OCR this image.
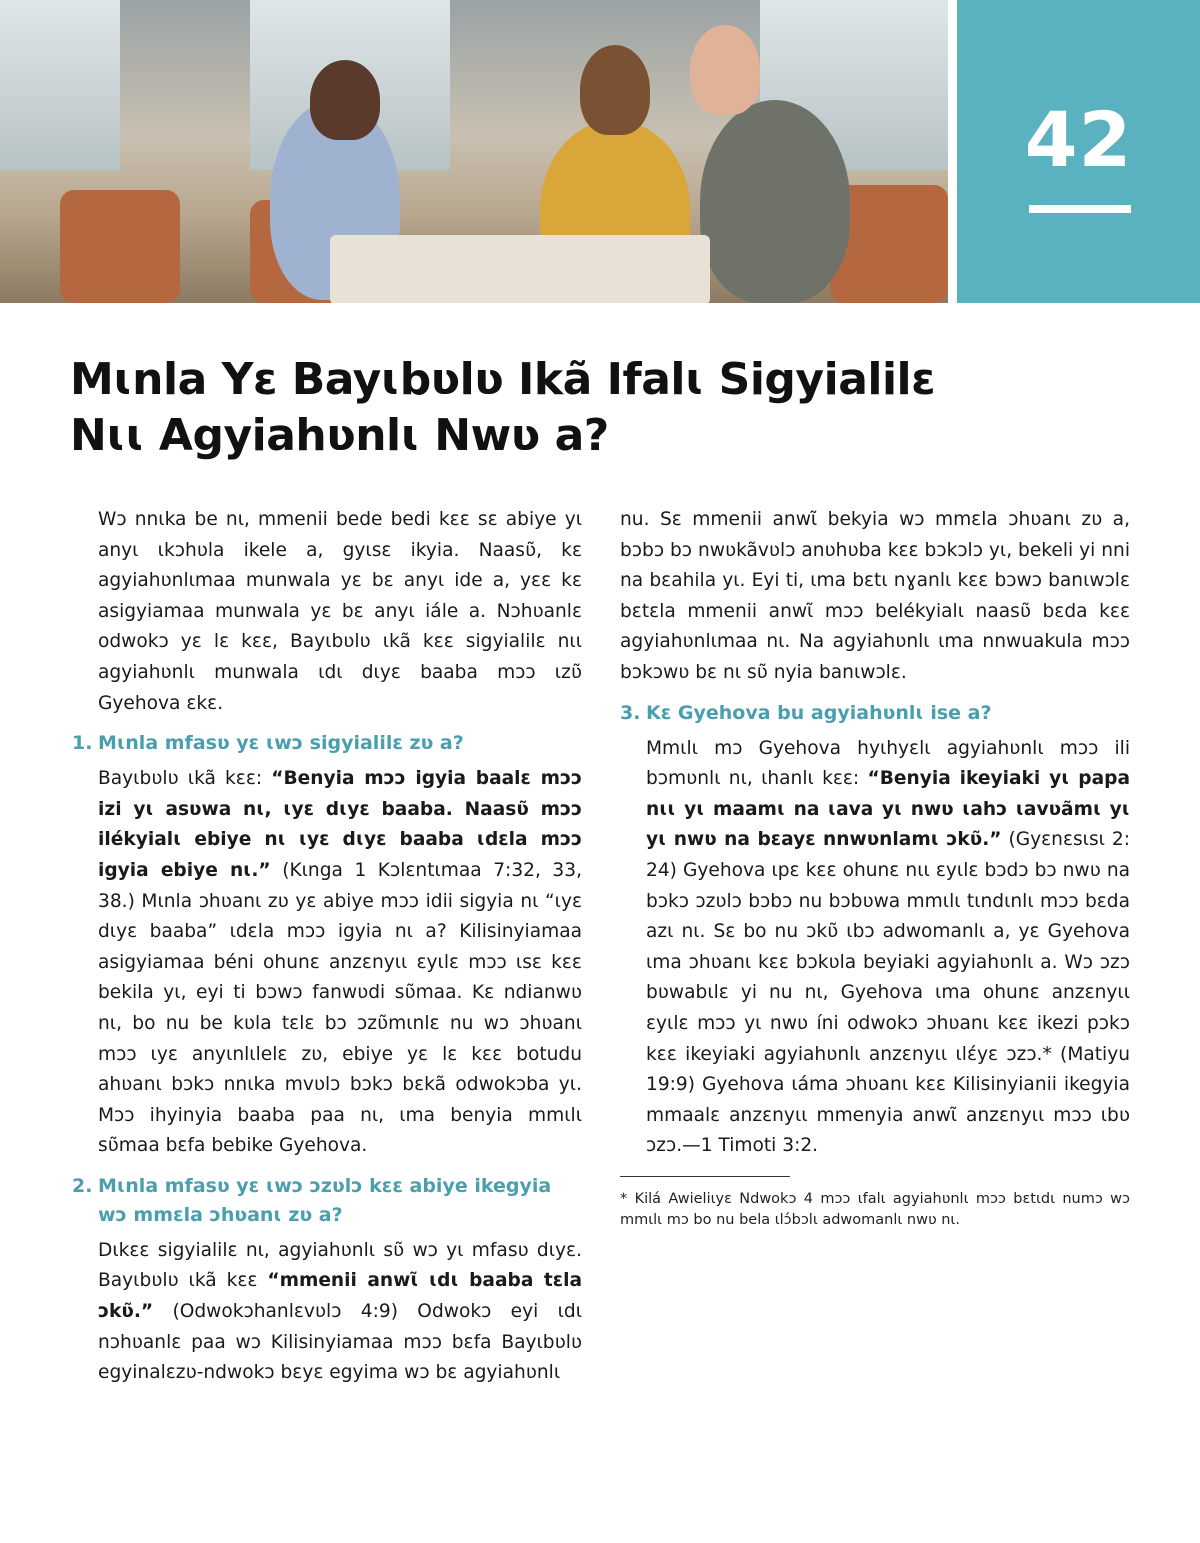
42
Mɩnla Yɛ Bayɩbʋlʋ Ikã Ifalɩ Sigyialilɛ
Nɩɩ Agyiahʋnlɩ Nwʋ a?

Wɔ nnɩka be nɩ, mmenii bede bedi kɛɛ sɛ abiye yɩ anyɩ ɩkɔhʋla ikele a, gyɩsɛ ikyia. Naasʋ̃, kɛ agyiahʋnlɩmaa munwala yɛ bɛ anyɩ ide a, yɛɛ kɛ asigyiamaa munwala yɛ bɛ anyɩ iále a. Nɔhʋanlɛ odwokɔ yɛ lɛ kɛɛ, Bayɩbʋlʋ ɩkã kɛɛ sigyialilɛ nɩɩ agyiahʋnlɩ munwala ɩdɩ dɩyɛ baaba mɔɔ ɩzʋ̃ Gyehova ɛkɛ.

1. Mɩnla mfasʋ yɛ ɩwɔ sigyialilɛ zʋ a?

Bayɩbʋlʋ ɩkã kɛɛ: “Benyia mɔɔ igyia baalɛ mɔɔ izi yɩ asʋwa nɩ, ɩyɛ dɩyɛ baaba. Naasʋ̃ mɔɔ ilékyialɩ ebiye nɩ ɩyɛ dɩyɛ baaba ɩdɛla mɔɔ igyia ebiye nɩ.” (Kɩnga 1 Kɔlɛntɩmaa 7:32, 33, 38.) Mɩnla ɔhʋanɩ zʋ yɛ abiye mɔɔ idii sigyia nɩ “ɩyɛ dɩyɛ baaba” ɩdɛla mɔɔ igyia nɩ a? Kilisinyiamaa asigyiamaa béni ohunɛ anzɛnyɩɩ ɛyɩlɛ mɔɔ ɩsɛ kɛɛ bekila yɩ, eyi ti bɔwɔ fanwʋdi sʋ̃maa. Kɛ ndianwʋ nɩ, bo nu be kʋla tɛlɛ bɔ ɔzʋ̃mɩnlɛ nu wɔ ɔhʋanɩ mɔɔ ɩyɛ anyɩnlɩlelɛ zʋ, ebiye yɛ lɛ kɛɛ botudu ahʋanɩ bɔkɔ nnɩka mvʋlɔ bɔkɔ bɛkã odwokɔba yɩ. Mɔɔ ihyinyia baaba paa nɩ, ɩma benyia mmɩlɩ sʋ̃maa bɛfa bebike Gyehova.

2. Mɩnla mfasʋ yɛ ɩwɔ ɔzʋlɔ kɛɛ abiye ikegyia
wɔ mmɛla ɔhʋanɩ zʋ a?

Dɩkɛɛ sigyialilɛ nɩ, agyiahʋnlɩ sʋ̃ wɔ yɩ mfasʋ dɩyɛ. Bayɩbʋlʋ ɩkã kɛɛ “mmenii anwɩ̃ ɩdɩ baaba tɛla ɔkʋ̃.” (Odwokɔhanlɛvʋlɔ 4:9) Odwokɔ eyi ɩdɩ nɔhʋanlɛ paa wɔ Kilisinyiamaa mɔɔ bɛfa Bayɩbʋlʋ egyinalɛzʋ-ndwokɔ bɛyɛ egyima wɔ bɛ agyiahʋnlɩ

nu. Sɛ mmenii anwɩ̃ bekyia wɔ mmɛla ɔhʋanɩ zʋ a, bɔbɔ bɔ nwʋkãvʋlɔ anʋhʋba kɛɛ bɔkɔlɔ yɩ, bekeli yi nni na bɛahila yɩ. Eyi ti, ɩma bɛtɩ nɣanlɩ kɛɛ bɔwɔ banɩwɔlɛ bɛtɛla mmenii anwɩ̃ mɔɔ belékyialɩ naasʋ̃ bɛda kɛɛ agyiahʋnlɩmaa nɩ. Na agyiahʋnlɩ ɩma nnwuakula mɔɔ bɔkɔwʋ bɛ nɩ sʋ̃ nyia banɩwɔlɛ.

3. Kɛ Gyehova bu agyiahʋnlɩ ise a?

Mmɩlɩ mɔ Gyehova hyɩhyɛlɩ agyiahʋnlɩ mɔɔ ili bɔmʋnlɩ nɩ, ɩhanlɩ kɛɛ: “Benyia ikeyiaki yɩ papa nɩɩ yɩ maamɩ na ɩava yɩ nwʋ ɩahɔ ɩavʋãmɩ yɩ yɩ nwʋ na bɛayɛ nnwʋnlamɩ ɔkʋ̃.” (Gyɛnɛsɩsɩ 2: 24) Gyehova ɩpɛ kɛɛ ohunɛ nɩɩ ɛyɩlɛ bɔdɔ bɔ nwʋ na bɔkɔ ɔzʋlɔ bɔbɔ nu bɔbʋwa mmɩlɩ tɩndɩnlɩ mɔɔ bɛda azɩ nɩ. Sɛ bo nu ɔkʋ̃ ɩbɔ adwomanlɩ a, yɛ Gyehova ɩma ɔhʋanɩ kɛɛ bɔkʋla beyiaki agyiahʋnlɩ a. Wɔ ɔzɔ bʋwabɩlɛ yi nu nɩ, Gyehova ɩma ohunɛ anzɛnyɩɩ ɛyɩlɛ mɔɔ yɩ nwʋ íni odwokɔ ɔhʋanɩ kɛɛ ikezi pɔkɔ kɛɛ ikeyiaki agyiahʋnlɩ anzɛnyɩɩ ɩlɛ́yɛ ɔzɔ.* (Matiyu 19:9) Gyehova ɩáma ɔhʋanɩ kɛɛ Kilisinyianii ikegyia mmaalɛ anzɛnyɩɩ mmenyia anwɩ̃ anzɛnyɩɩ mɔɔ ɩbʋ ɔzɔ.—1 Timoti 3:2.

* Kilá Awieliɩyɛ Ndwokɔ 4 mɔɔ ɩfalɩ agyiahʋnlɩ mɔɔ bɛtɩdɩ numɔ wɔ mmɩlɩ mɔ bo nu bela ɩlɔ́bɔlɩ adwomanlɩ nwʋ nɩ.
